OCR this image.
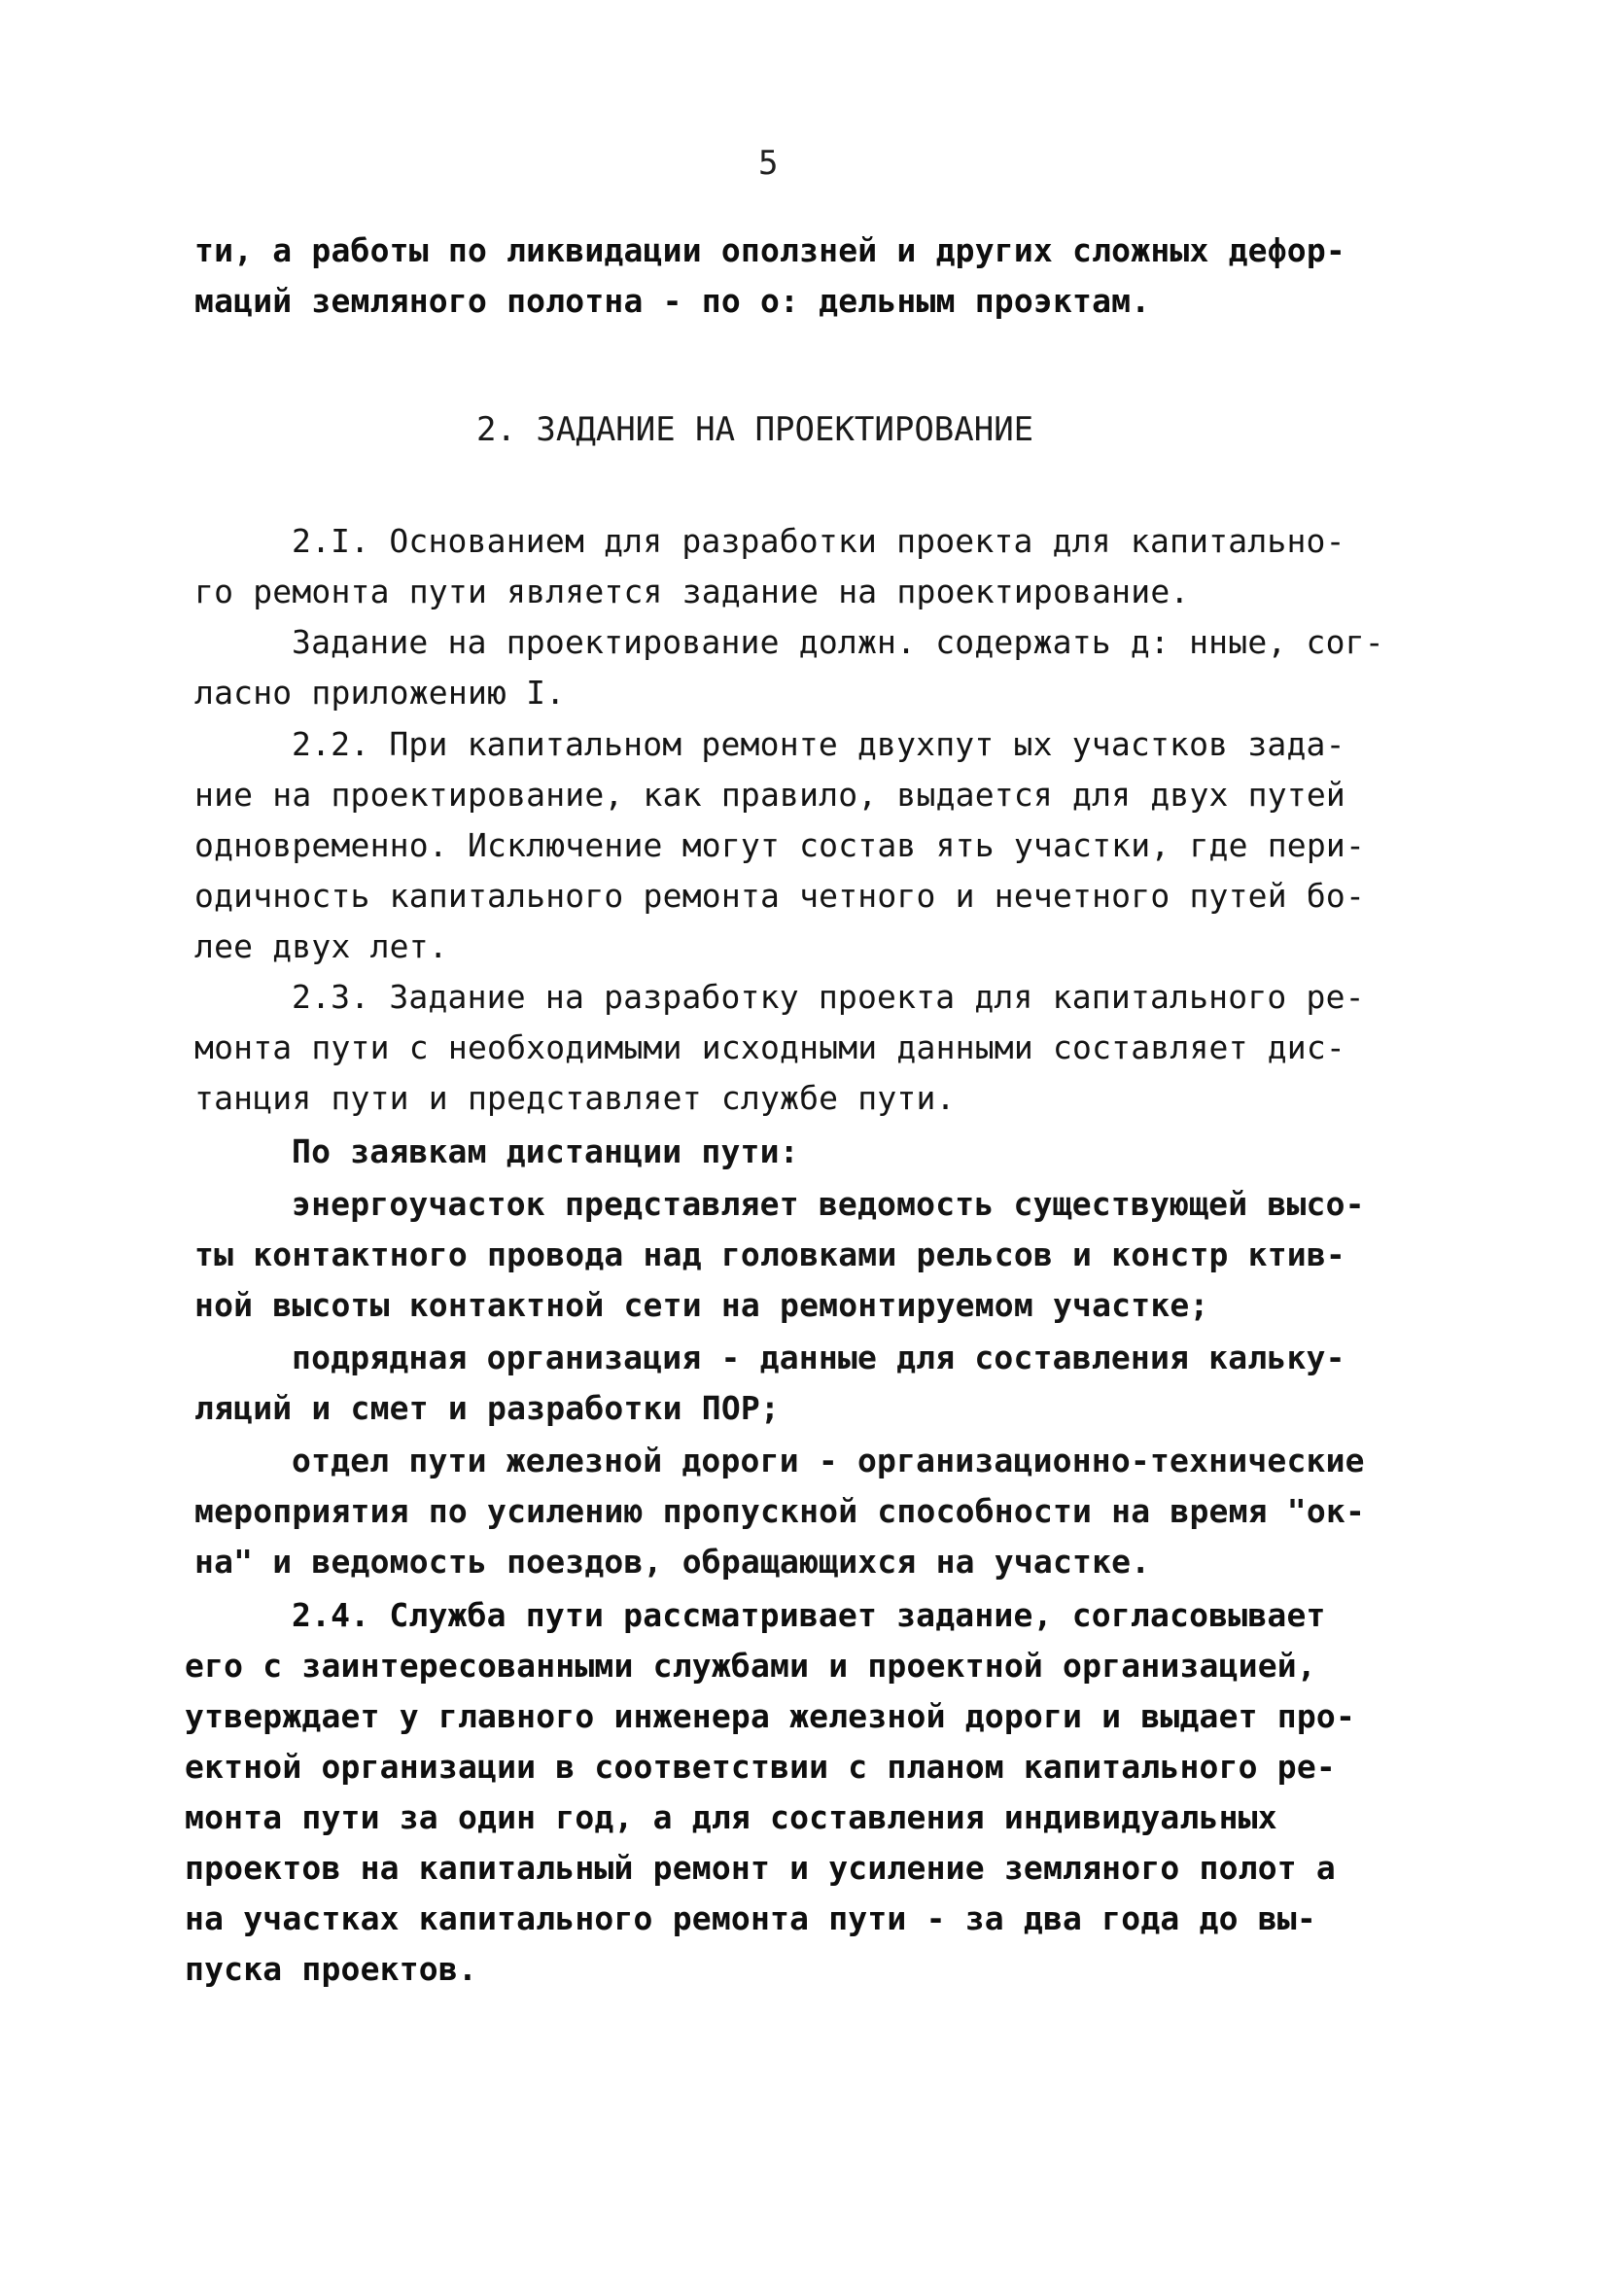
5
ти, а работы по ликвидации оползней и других сложных дефор-
маций земляного полотна - по о: дельным проэктам.
2. ЗАДАНИЕ НА ПРОЕКТИРОВАНИЕ
2.I. Основанием для разработки проекта для капитально-
го ремонта пути является задание на проектирование.
Задание на проектирование должн. содержать д: нные, сог-
ласно приложению I.
2.2. При капитальном ремонте двухпут ых участков зада-
ние на проектирование, как правило, выдается для двух путей
одновременно. Исключение могут состав ять участки, где пери-
одичность капитального ремонта четного и нечетного путей бо-
лее двух лет.
2.3. Задание на разработку проекта для капитального ре-
монта пути с необходимыми исходными данными составляет дис-
танция пути и представляет службе пути.
По заявкам дистанции пути:
энергоучасток представляет ведомость существующей высо-
ты контактного провода над головками рельсов и констр ктив-
ной высоты контактной сети на ремонтируемом участке;
подрядная организация - данные для составления кальку-
ляций и смет и разработки ПОР;
отдел пути железной дороги - организационно-технические
мероприятия по усилению пропускной способности на время "ок-
на" и ведомость поездов, обращающихся на участке.
2.4. Служба пути рассматривает задание, согласовывает
его с заинтересованными службами и проектной организацией,
утверждает у главного инженера железной дороги и выдает про-
ектной организации в соответствии с планом капитального ре-
монта пути за один год, а для составления индивидуальных
проектов на капитальный ремонт и усиление земляного полот а
на участках капитального ремонта пути - за два года до вы-
пуска проектов.
